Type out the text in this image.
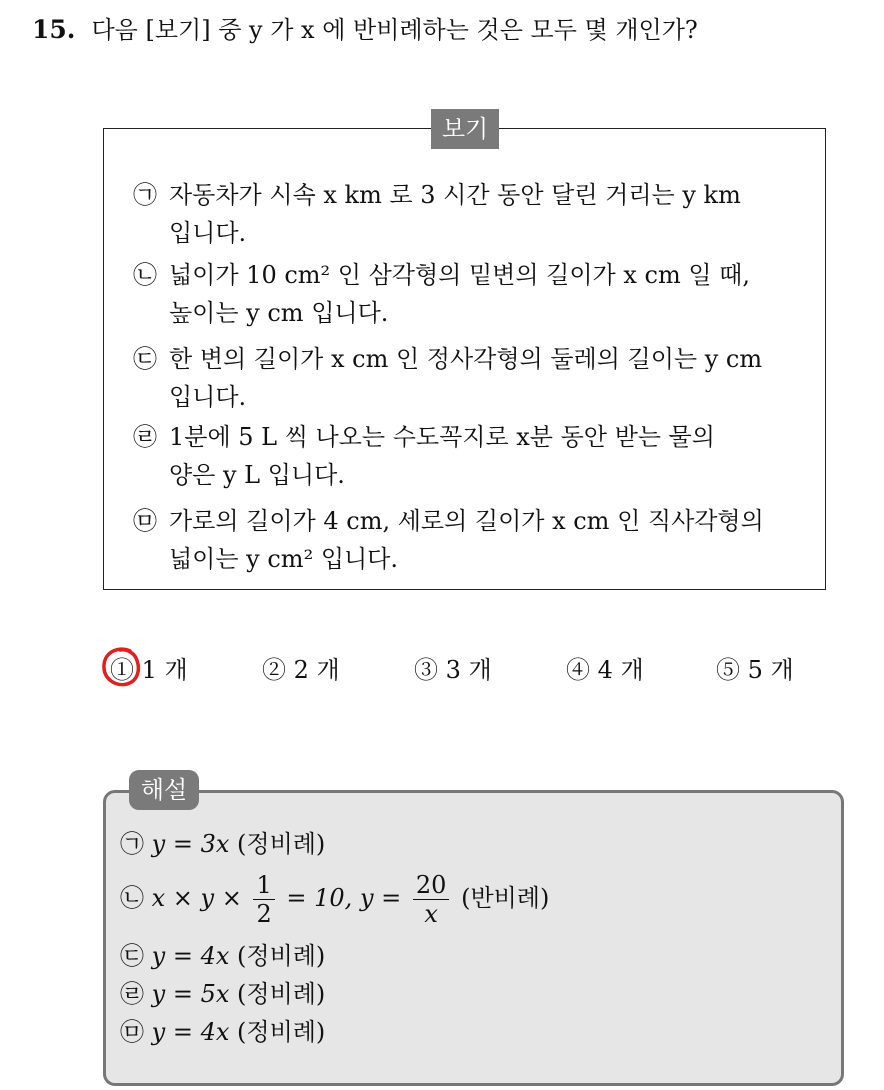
15. 다음 [보기] 중 y 가 x 에 반비례하는 것은 모두 몇 개인가?
보기
㉠ 자동차가 시속 x km 로 3 시간 동안 달린 거리는 y km
입니다.
㉡ 넓이가 10 cm² 인 삼각형의 밑변의 길이가 x cm 일 때,
높이는 y cm 입니다.
㉢ 한 변의 길이가 x cm 인 정사각형의 둘레의 길이는 y cm
입니다.
㉣ 1분에 5 L 씩 나오는 수도꼭지로 x분 동안 받는 물의
양은 y L 입니다.
㉤ 가로의 길이가 4 cm, 세로의 길이가 x cm 인 직사각형의
넓이는 y cm² 입니다.
① 1 개	② 2 개	③ 3 개	④ 4 개	⑤ 5 개
해설
㉠ y = 3x (정비례)
㉡ $x \times y \times \frac{1}{2} = 10$, $y = \frac{20}{x}$ (반비례)
㉢ y = 4x (정비례)
㉣ y = 5x (정비례)
㉤ y = 4x (정비례)
